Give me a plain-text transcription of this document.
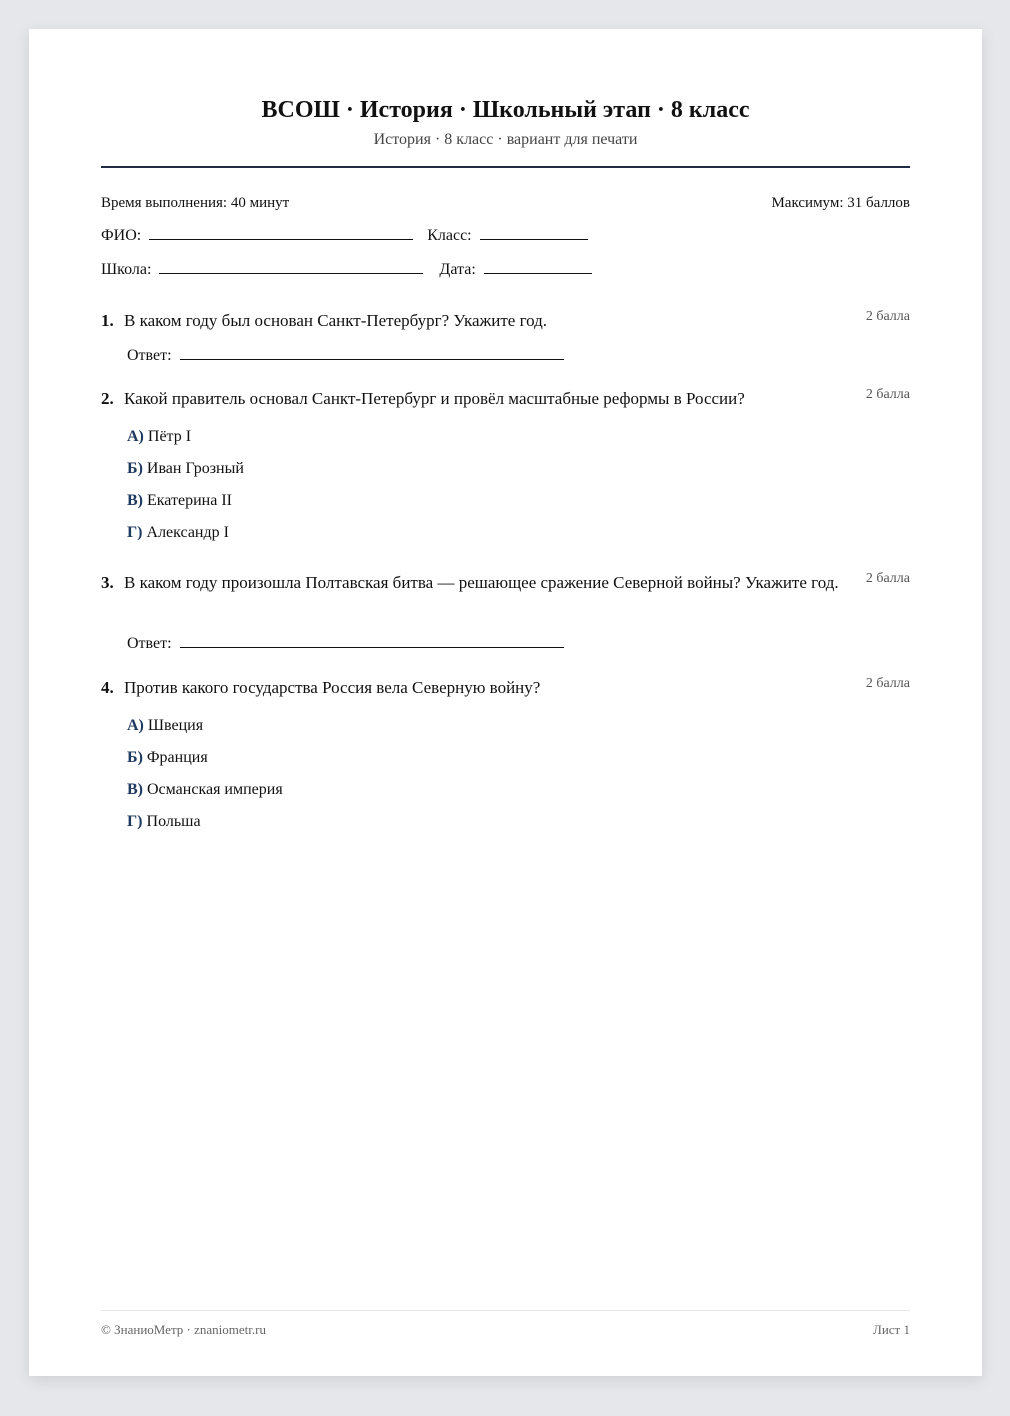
ВСОШ · История · Школьный этап · 8 класс
История · 8 класс · вариант для печати
Время выполнения: 40 минут	Максимум: 31 баллов
ФИО:	Класс:
Школа:	Дата:
1. В каком году был основан Санкт-Петербург? Укажите год.	2 балла
Ответ:
2. Какой правитель основал Санкт-Петербург и провёл масштабные реформы в России?	2 балла
А) Пётр I
Б) Иван Грозный
В) Екатерина II
Г) Александр I
3. В каком году произошла Полтавская битва — решающее сражение Северной войны? Укажите год.	2 балла
Ответ:
4. Против какого государства Россия вела Северную войну?	2 балла
А) Швеция
Б) Франция
В) Османская империя
Г) Польша
© ЗнаниоМетр · znaniometr.ru	Лист 1
